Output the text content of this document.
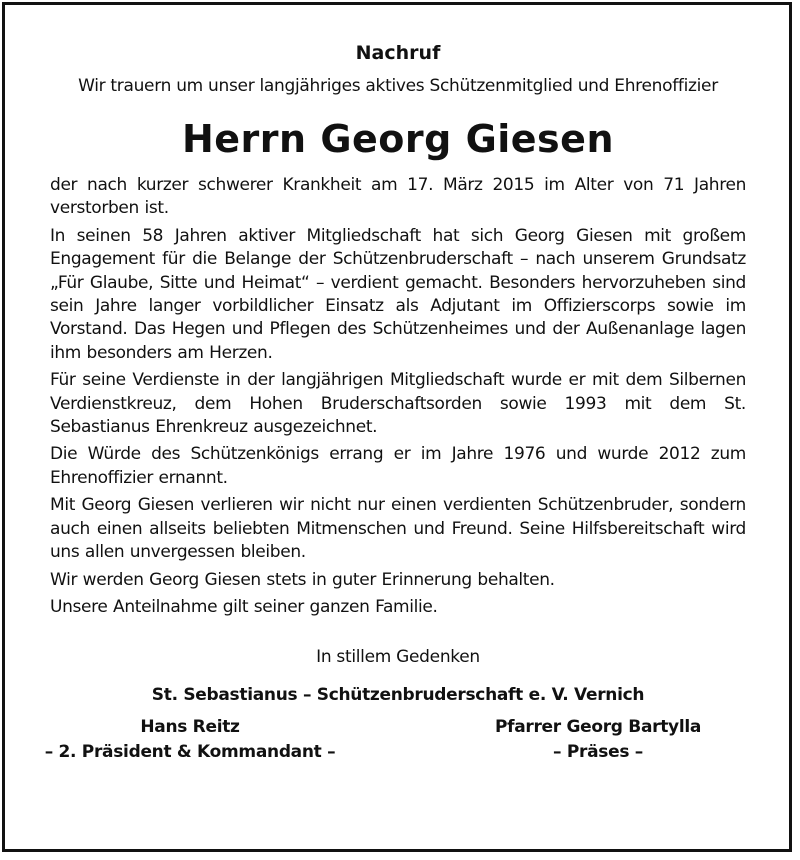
Nachruf

Wir trauern um unser langjähriges aktives Schützenmitglied und Ehrenoffizier

Herrn Georg Giesen

der nach kurzer schwerer Krankheit am 17. März 2015 im Alter von 71 Jahren verstorben ist.

In seinen 58 Jahren aktiver Mitgliedschaft hat sich Georg Giesen mit großem Engagement für die Belange der Schützenbruderschaft – nach unserem Grundsatz „Für Glaube, Sitte und Heimat“ – verdient gemacht. Besonders hervorzuheben sind sein Jahre langer vorbildlicher Einsatz als Adjutant im Offizierscorps sowie im Vorstand. Das Hegen und Pflegen des Schützenheimes und der Außenanlage lagen ihm besonders am Herzen.

Für seine Verdienste in der langjährigen Mitgliedschaft wurde er mit dem Silbernen Verdienstkreuz, dem Hohen Bruderschaftsorden sowie 1993 mit dem St. Sebastianus Ehrenkreuz ausgezeichnet.

Die Würde des Schützenkönigs errang er im Jahre 1976 und wurde 2012 zum Ehrenoffizier ernannt.

Mit Georg Giesen verlieren wir nicht nur einen verdienten Schützenbruder, sondern auch einen allseits beliebten Mitmenschen und Freund. Seine Hilfsbereitschaft wird uns allen unvergessen bleiben.

Wir werden Georg Giesen stets in guter Erinnerung behalten.

Unsere Anteilnahme gilt seiner ganzen Familie.

In stillem Gedenken

St. Sebastianus – Schützenbruderschaft e. V. Vernich

Hans Reitz
– 2. Präsident & Kommandant –
Pfarrer Georg Bartylla
– Präses –
